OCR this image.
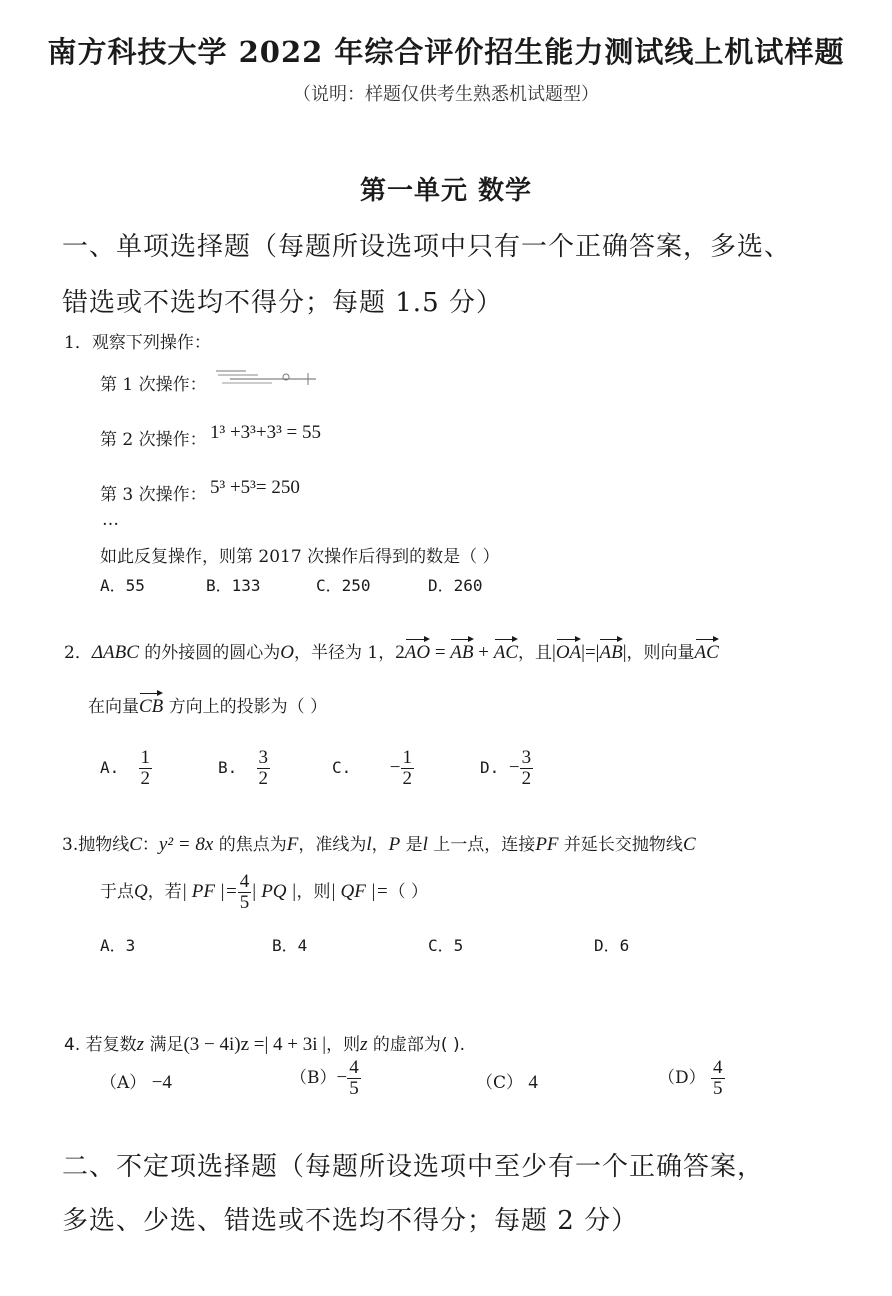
南方科技大学 2022 年综合评价招生能力测试线上机试样题
（说明：样题仅供考生熟悉机试题型）
第一单元 数学
一、单项选择题（每题所设选项中只有一个正确答案，多选、
错选或不选均不得分；每题 1.5 分）
1．观察下列操作：
第 1 次操作：
第 2 次操作： 1³ +3³+3³ = 55
第 3 次操作： 5³ +5³= 250
…
如此反复操作，则第 2017 次操作后得到的数是（ ）
A．55	B．133	C．250	D．260
2．ΔABC 的外接圆的圆心为O，半径为 1，2AO = AB + AC，且|OA|=|AB|，则向量AC
在向量CB 方向上的投影为（ ）
A. $\frac{1}{2}$	B. $\frac{3}{2}$	C. − $\frac{1}{2}$	D. − $\frac{3}{2}$
3.抛物线C：y² = 8x 的焦点为F，准线为l，P 是l 上一点，连接PF 并延长交抛物线C
于点Q，若| PF |= $\frac{4}{5}$ | PQ |，则| QF |=（ ）
A．3	B．4	C．5	D．6
4. 若复数z 满足(3 − 4i)z =| 4 + 3i |，则z 的虚部为( ).
（A） −4	$(B)- \frac{4}{5}$	（C） 4	$(D) \frac{4}{5}$
二、不定项选择题（每题所设选项中至少有一个正确答案，
多选、少选、错选或不选均不得分；每题 2 分）
